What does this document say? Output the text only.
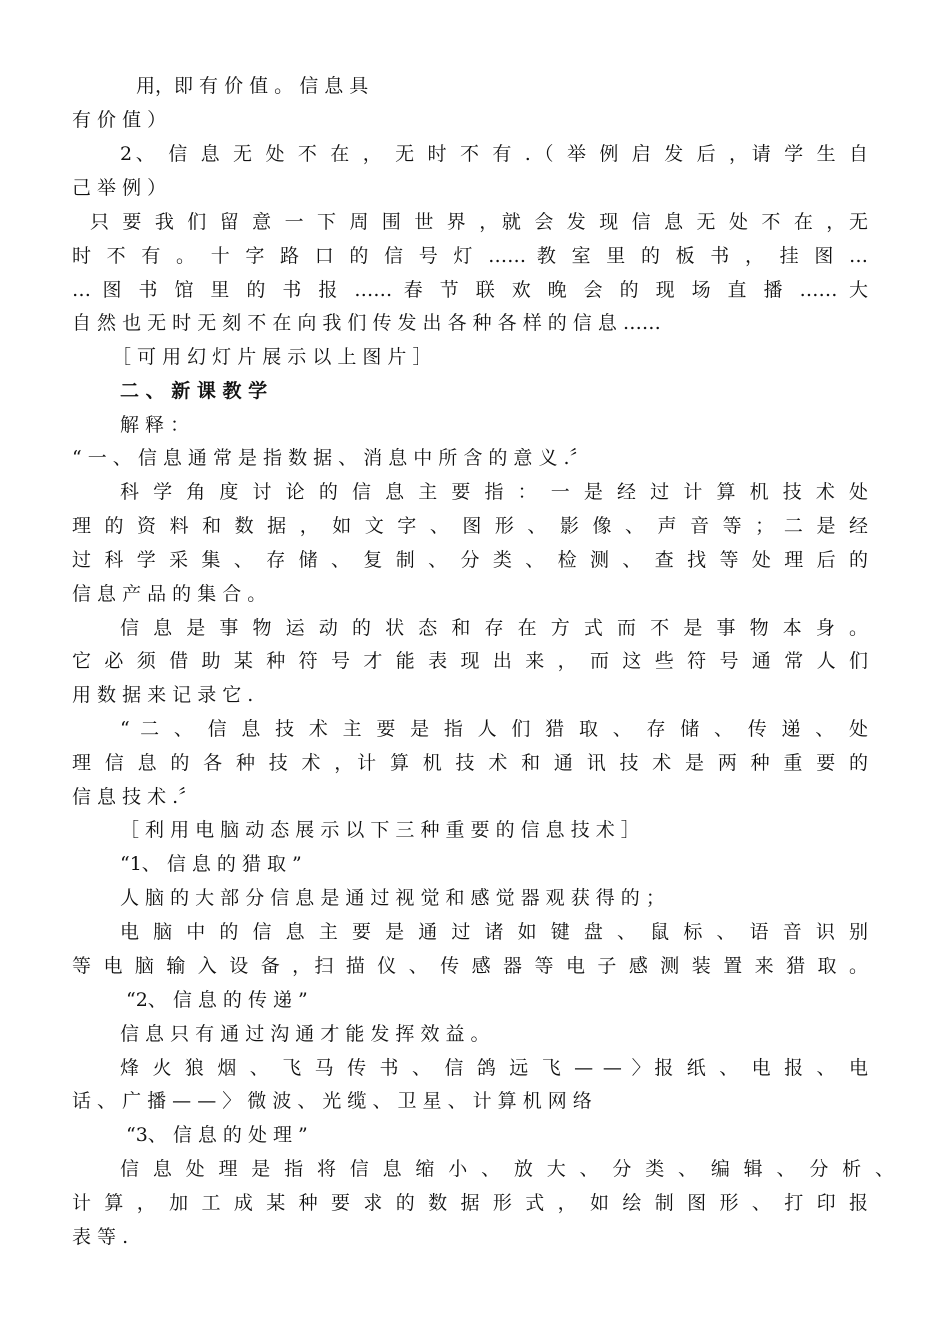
用，即 有 价 值 。 信 息 具
有 价 值 ）
2、 信 息 无 处 不 在 ， 无 时 不 有 .（ 举 例 启 发 后 ，请 学 生 自
己 举 例 ）
只 要 我 们 留 意 一 下 周 围 世 界 ，就 会 发 现 信 息 无 处 不 在 ，无
时 不 有 。 十 字 路 口 的 信 号 灯 …… 教 室 里 的 板 书 ， 挂 图 …
… 图 书 馆 里 的 书 报 …… 春 节 联 欢 晚 会 的 现 场 直 播 …… 大
自 然 也 无 时 无 刻 不 在 向 我 们 传 发 出 各 种 各 样 的 信 息 ……
［ 可 用 幻 灯 片 展 示 以 上 图 片 ］
二 、 新 课 教 学
解 释 ：
“ 一 、 信 息 通 常 是 指 数 据 、 消 息 中 所 含 的 意 义 .〞
科 学 角 度 讨 论 的 信 息 主 要 指 ： 一 是 经 过 计 算 机 技 术 处
理 的 资 料 和 数 据 ， 如 文 字 、 图 形 、 影 像 、 声 音 等 ； 二 是 经
过 科 学 采 集 、 存 储 、 复 制 、 分 类 、 检 测 、 查 找 等 处 理 后 的
信 息 产 品 的 集 合 。
信 息 是 事 物 运 动 的 状 态 和 存 在 方 式 而 不 是 事 物 本 身 。
它 必 须 借 助 某 种 符 号 才 能 表 现 出 来 ， 而 这 些 符 号 通 常 人 们
用 数 据 来 记 录 它 .
“ 二 、 信 息 技 术 主 要 是 指 人 们 猎 取 、 存 储 、 传 递 、 处
理 信 息 的 各 种 技 术 ，计 算 机 技 术 和 通 讯 技 术 是 两 种 重 要 的
信 息 技 术 .〞
［ 利 用 电 脑 动 态 展 示 以 下 三 种 重 要 的 信 息 技 术 ］
“1、 信 息 的 猎 取 ”
人 脑 的 大 部 分 信 息 是 通 过 视 觉 和 感 觉 器 观 获 得 的 ；
电 脑 中 的 信 息 主 要 是 通 过 诸 如 键 盘 、 鼠 标 、 语 音 识 别
等 电 脑 输 入 设 备 ，扫 描 仪 、 传 感 器 等 电 子 感 测 装 置 来 猎 取 。
“2、 信 息 的 传 递 ”
信 息 只 有 通 过 沟 通 才 能 发 挥 效 益 。
烽 火 狼 烟 、 飞 马 传 书 、 信 鸽 远 飞 — — 〉报 纸 、 电 报 、 电
话 、 广 播 — — 〉 微 波 、 光 缆 、 卫 星 、 计 算 机 网 络
“3、 信 息 的 处 理 ”
信 息 处 理 是 指 将 信 息 缩 小 、 放 大 、 分 类 、 编 辑 、 分 析 、
计 算 ， 加 工 成 某 种 要 求 的 数 据 形 式 ， 如 绘 制 图 形 、 打 印 报
表 等 .
